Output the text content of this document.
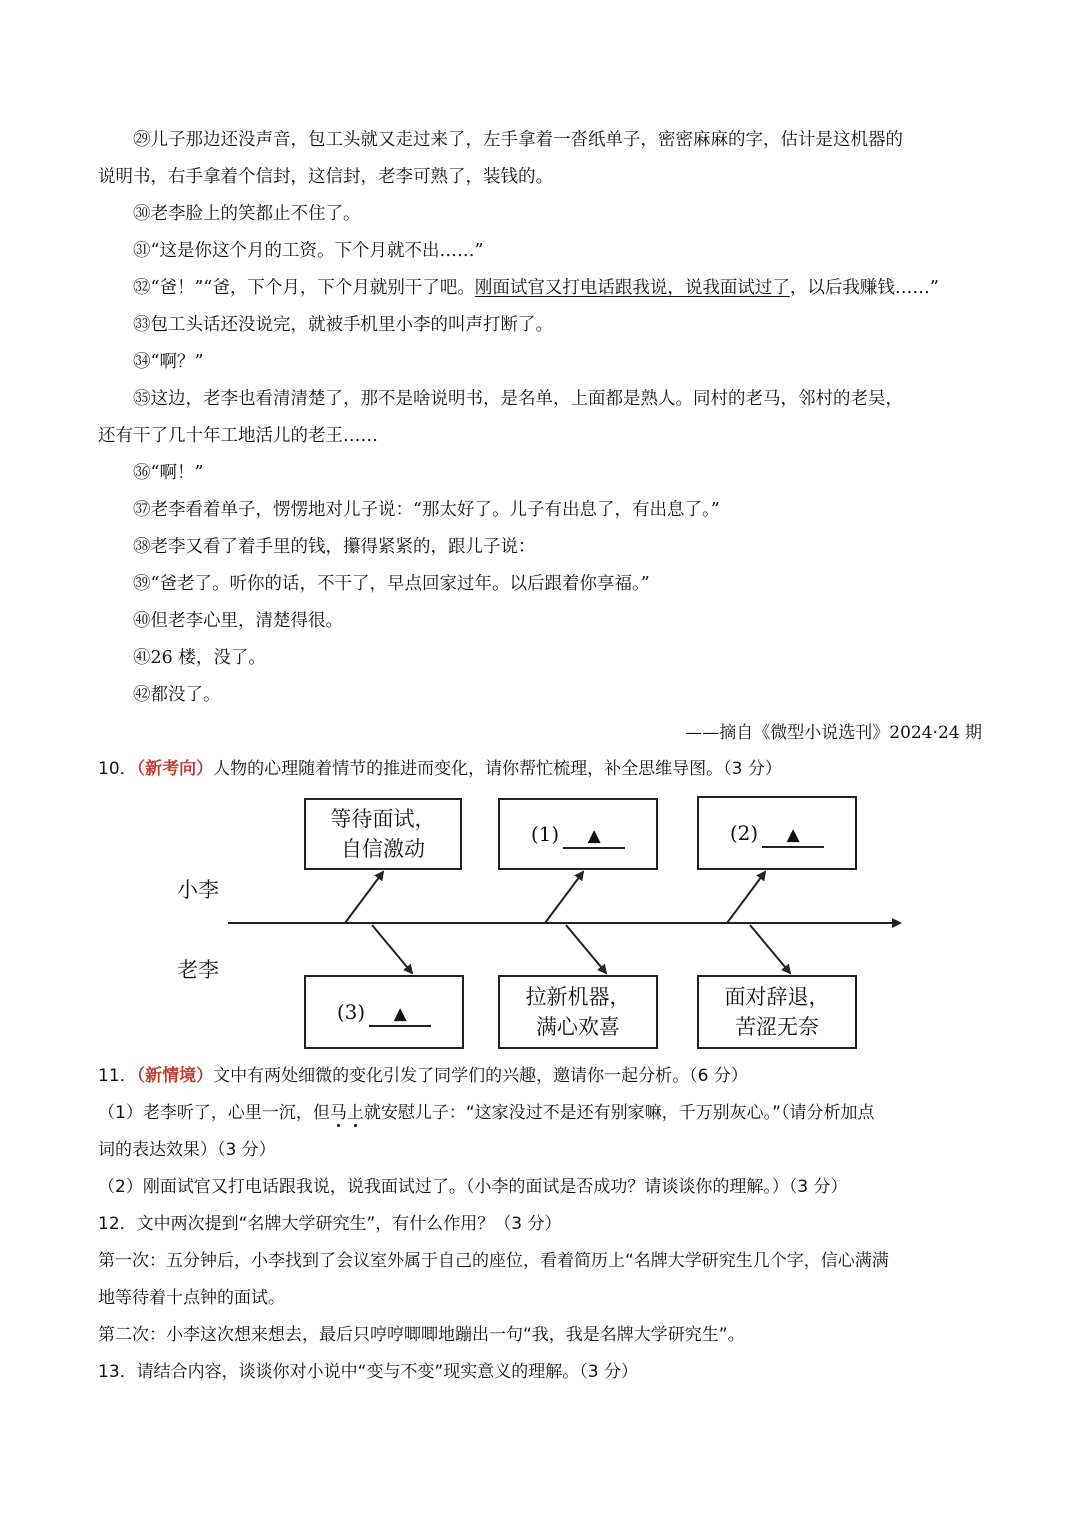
㉙儿子那边还没声音，包工头就又走过来了，左手拿着一沓纸单子，密密麻麻的字，估计是这机器的

说明书，右手拿着个信封，这信封，老李可熟了，装钱的。

㉚老李脸上的笑都止不住了。

㉛“这是你这个月的工资。下个月就不出……”

㉜“爸！”“爸，下个月，下个月就别干了吧。刚面试官又打电话跟我说，说我面试过了，以后我赚钱……”

㉝包工头话还没说完，就被手机里小李的叫声打断了。

㉞“啊？”

㉟这边，老李也看清清楚了，那不是啥说明书，是名单，上面都是熟人。同村的老马，邻村的老吴，

还有干了几十年工地活儿的老王……

㊱“啊！”

㊲老李看着单子，愣愣地对儿子说：“那太好了。儿子有出息了，有出息了。”

㊳老李又看了着手里的钱，攥得紧紧的，跟儿子说：

㊴“爸老了。听你的话，不干了，早点回家过年。以后跟着你享福。”

㊵但老李心里，清楚得很。

㊶26 楼，没了。

㊷都没了。

——摘自《微型小说选刊》2024·24 期

10．（新考向）人物的心理随着情节的推进而变化，请你帮忙梳理，补全思维导图。（3 分）

小李
老李
等待面试，
自信激动
(1)	▲	(2)	▲
(3)	▲
拉新机器，
满心欢喜
面对辞退，
苦涩无奈

11．（新情境）文中有两处细微的变化引发了同学们的兴趣，邀请你一起分析。（6 分）

（1）老李听了，心里一沉，但马上就安慰儿子：“这家没过不是还有别家嘛，千万别灰心。”（请分析加点

词的表达效果）（3 分）

（2）刚面试官又打电话跟我说，说我面试过了。（小李的面试是否成功？请谈谈你的理解。）（3 分）

12．文中两次提到“名牌大学研究生”，有什么作用？（3 分）

第一次：五分钟后，小李找到了会议室外属于自己的座位，看着简历上“名牌大学研究生几个字，信心满满

地等待着十点钟的面试。

第二次：小李这次想来想去，最后只哼哼唧唧地蹦出一句“我，我是名牌大学研究生”。

13．请结合内容，谈谈你对小说中“变与不变”现实意义的理解。（3 分）
